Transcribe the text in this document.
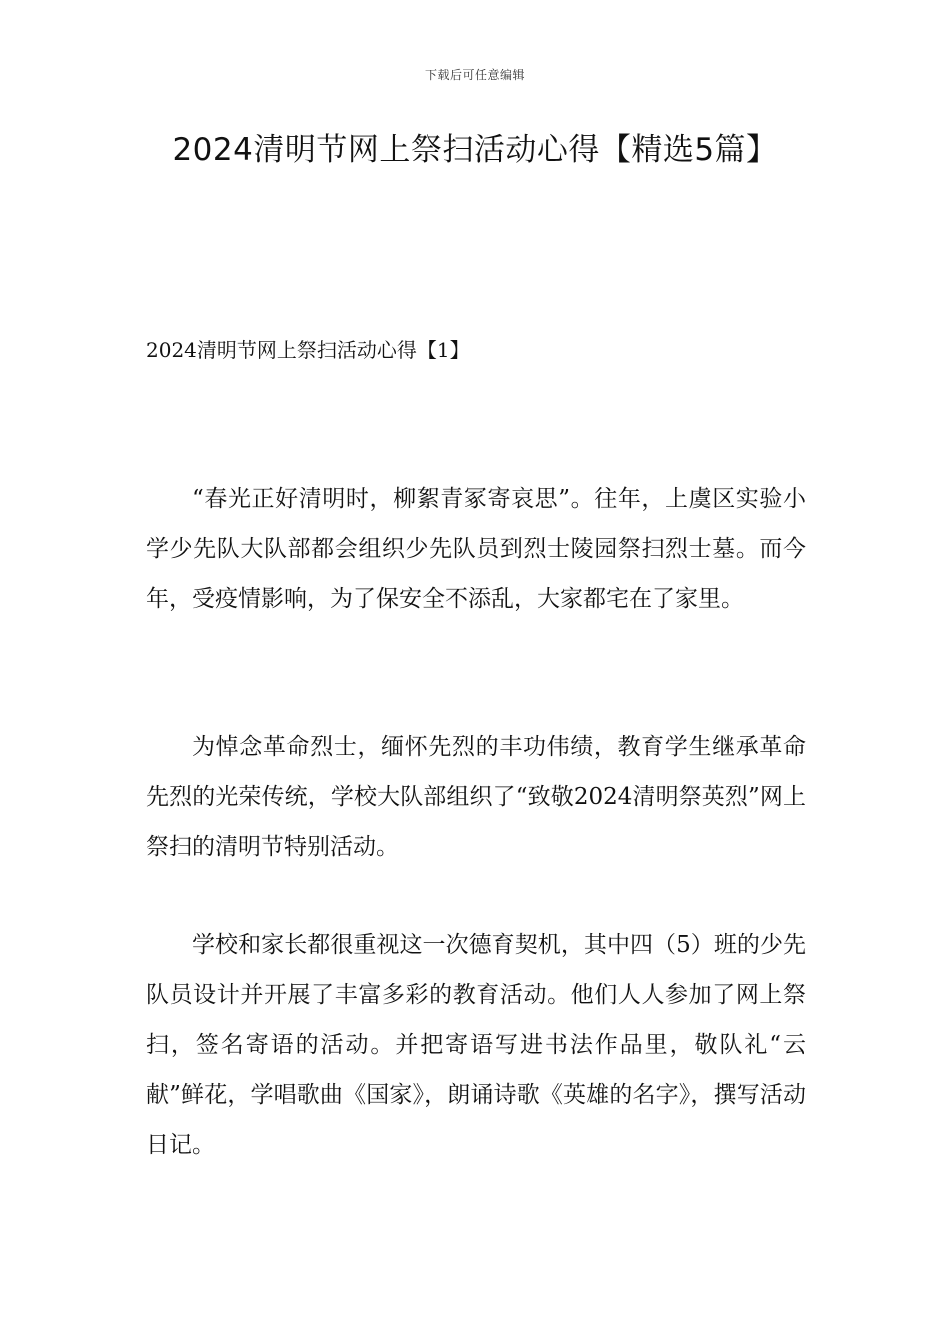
下载后可任意编辑
2024清明节网上祭扫活动心得【精选5篇】
2024清明节网上祭扫活动心得【1】

“春光正好清明时，柳絮青冢寄哀思”。往年，上虞区实验小学少先队大队部都会组织少先队员到烈士陵园祭扫烈士墓。而今年，受疫情影响，为了保安全不添乱，大家都宅在了家里。

为悼念革命烈士，缅怀先烈的丰功伟绩，教育学生继承革命先烈的光荣传统，学校大队部组织了“致敬2024清明祭英烈”网上祭扫的清明节特别活动。

学校和家长都很重视这一次德育契机，其中四（5）班的少先队员设计并开展了丰富多彩的教育活动。他们人人参加了网上祭扫，签名寄语的活动。并把寄语写进书法作品里，敬队礼“云献”鲜花，学唱歌曲《国家》，朗诵诗歌《英雄的名字》，撰写活动日记。
